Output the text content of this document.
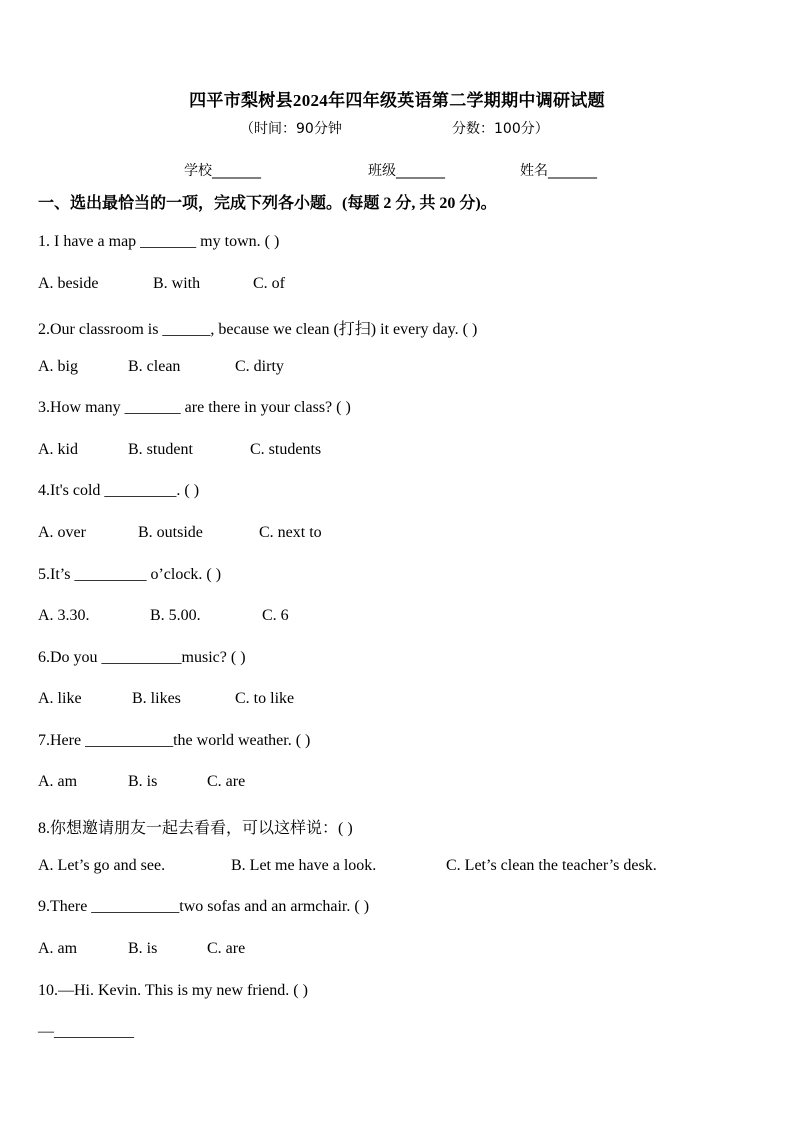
四平市梨树县2024年四年级英语第二学期期中调研试题
（时间：90分钟	分数：100分）
学校_______	班级_______	姓名_______
一、选出最恰当的一项，完成下列各小题。(每题 2 分, 共 20 分)。
1. I have a map _______ my town. ( )
A. beside	B. with	C. of
2.Our classroom is ______, because we clean (打扫) it every day. ( )
A. big	B. clean	C. dirty
3.How many _______ are there in your class? ( )
A. kid	B. student	C. students
4.It's cold _________. ( )
A. over	B. outside	C. next to
5.It’s _________ o’clock. ( )
A. 3.30.	B. 5.00.	C. 6
6.Do you __________music? ( )
A. like	B. likes	C. to like
7.Here ___________the world weather. ( )
A. am	B. is	C. are
8.你想邀请朋友一起去看看，可以这样说：( )
A. Let’s go and see.	B. Let me have a look.	C. Let’s clean the teacher’s desk.
9.There ___________two sofas and an armchair. ( )
A. am	B. is	C. are
10.—Hi. Kevin. This is my new friend. ( )
—__________
